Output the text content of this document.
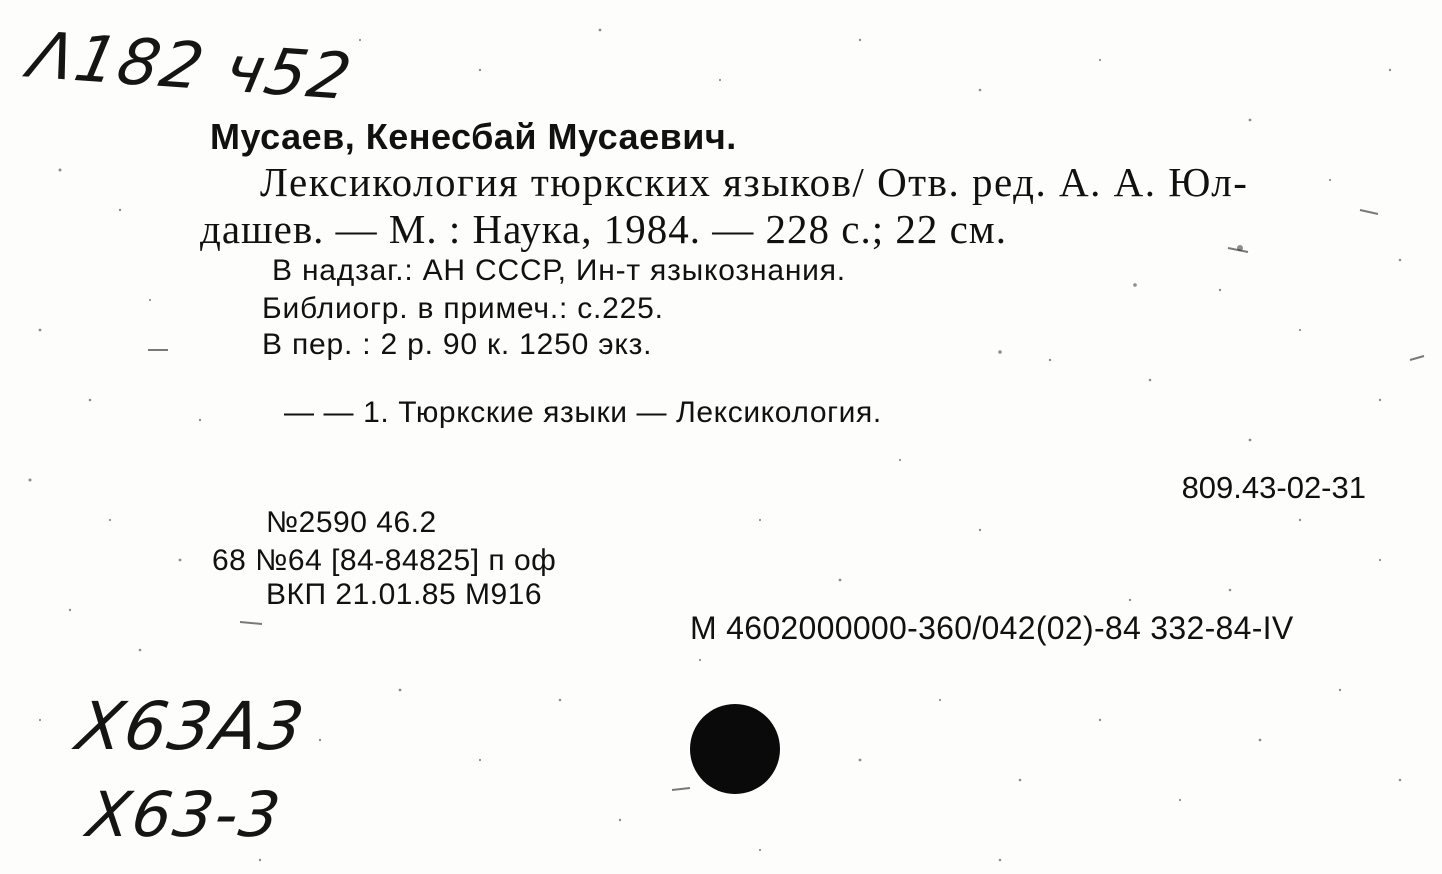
Λ182 ч52
Мусаев, Кенесбай Мусаевич.
Лексикология тюркских языков/ Отв. ред. А. А. Юл-
дашев. — М. : Наука, 1984. — 228 с.; 22 см.
В надзаг.: АН СССР, Ин-т языкознания.
Библиогр. в примеч.: с.225.
В пер. : 2 р. 90 к. 1250 экз.
— — 1. Тюркские языки — Лексикология.
809.43-02-31
№2590 46.2
68 №64 [84-84825] п оф
ВКП 21.01.85 М916
М 4602000000-360/042(02)-84 332-84-IV
Х63А3
Х63-3
